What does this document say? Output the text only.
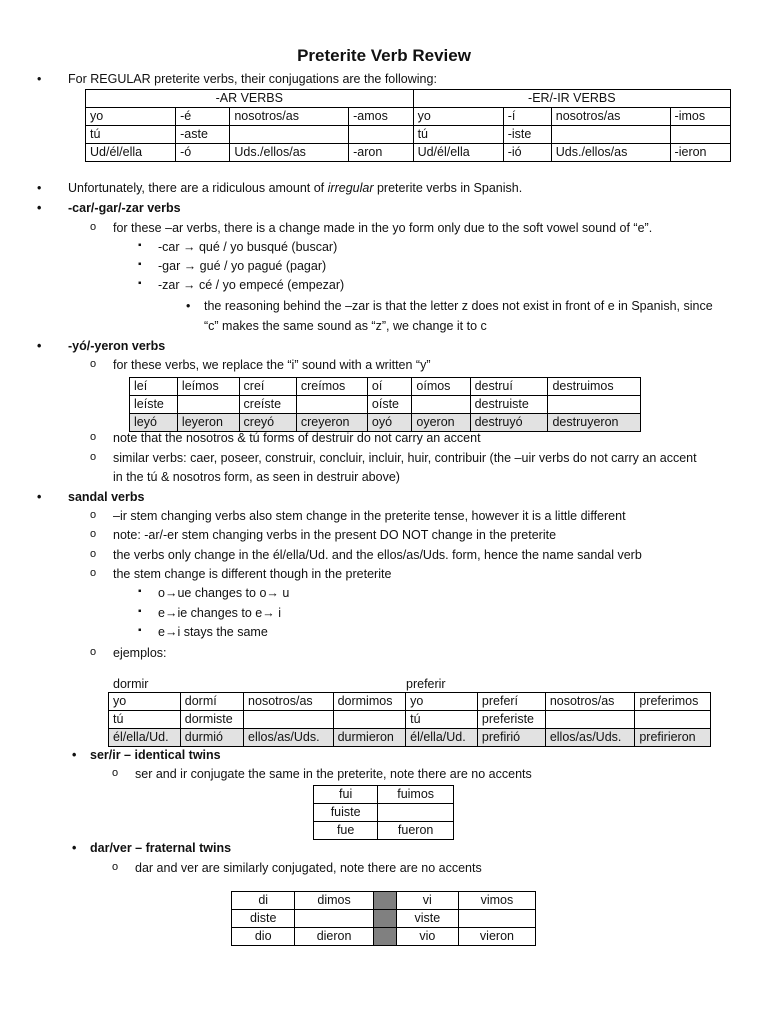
Preterite Verb Review
• For REGULAR preterite verbs, their conjugations are the following:
-AR VERBS				-ER/-IR VERBS			
yo	-é	nosotros/as	-amos	yo	-í	nosotros/as	-imos
tú	-aste			tú	-iste		
Ud/él/ella	-ó	Uds./ellos/as	-aron	Ud/él/ella	-ió	Uds./ellos/as	-ieron
• Unfortunately, there are a ridiculous amount of irregular preterite verbs in Spanish.
• -car/-gar/-zar verbs
o for these –ar verbs, there is a change made in the yo form only due to the soft vowel sound of “e”.
▪ -car → qué / yo busqué (buscar)
▪ -gar → gué / yo pagué (pagar)
▪ -zar → cé / yo empecé (empezar)
• the reasoning behind the –zar is that the letter z does not exist in front of e in Spanish, since
“c” makes the same sound as “z”, we change it to c
• -yó/-yeron verbs
o for these verbs, we replace the “i” sound with a written “y”
leí	leímos	creí	creímos	oí	oímos	destruí	destruimos
leíste		creíste		oíste		destruiste	
leyó	leyeron	creyó	creyeron	oyó	oyeron	destruyó	destruyeron
o note that the nosotros & tú forms of destruir do not carry an accent
o similar verbs: caer, poseer, construir, concluir, incluir, huir, contribuir (the –uir verbs do not carry an accent
in the tú & nosotros form, as seen in destruir above)
• sandal verbs
o –ir stem changing verbs also stem change in the preterite tense, however it is a little different
o note: -ar/-er stem changing verbs in the present DO NOT change in the preterite
o the verbs only change in the él/ella/Ud. and the ellos/as/Uds. form, hence the name sandal verb
o the stem change is different though in the preterite
▪ o→ue changes to o→ u
▪ e→ie changes to e→ i
▪ e→i stays the same
o ejemplos:
dormir	preferir
yo	dormí	nosotros/as	dormimos	yo	preferí	nosotros/as	preferimos
tú	dormiste			tú	preferiste		
él/ella/Ud.	durmió	ellos/as/Uds.	durmieron	él/ella/Ud.	prefirió	ellos/as/Uds.	prefirieron
• ser/ir – identical twins
o ser and ir conjugate the same in the preterite, note there are no accents
fui	fuimos
fuiste	
fue	fueron
• dar/ver – fraternal twins
o dar and ver are similarly conjugated, note there are no accents
di	dimos		vi	vimos
diste			viste	
dio	dieron		vio	vieron
